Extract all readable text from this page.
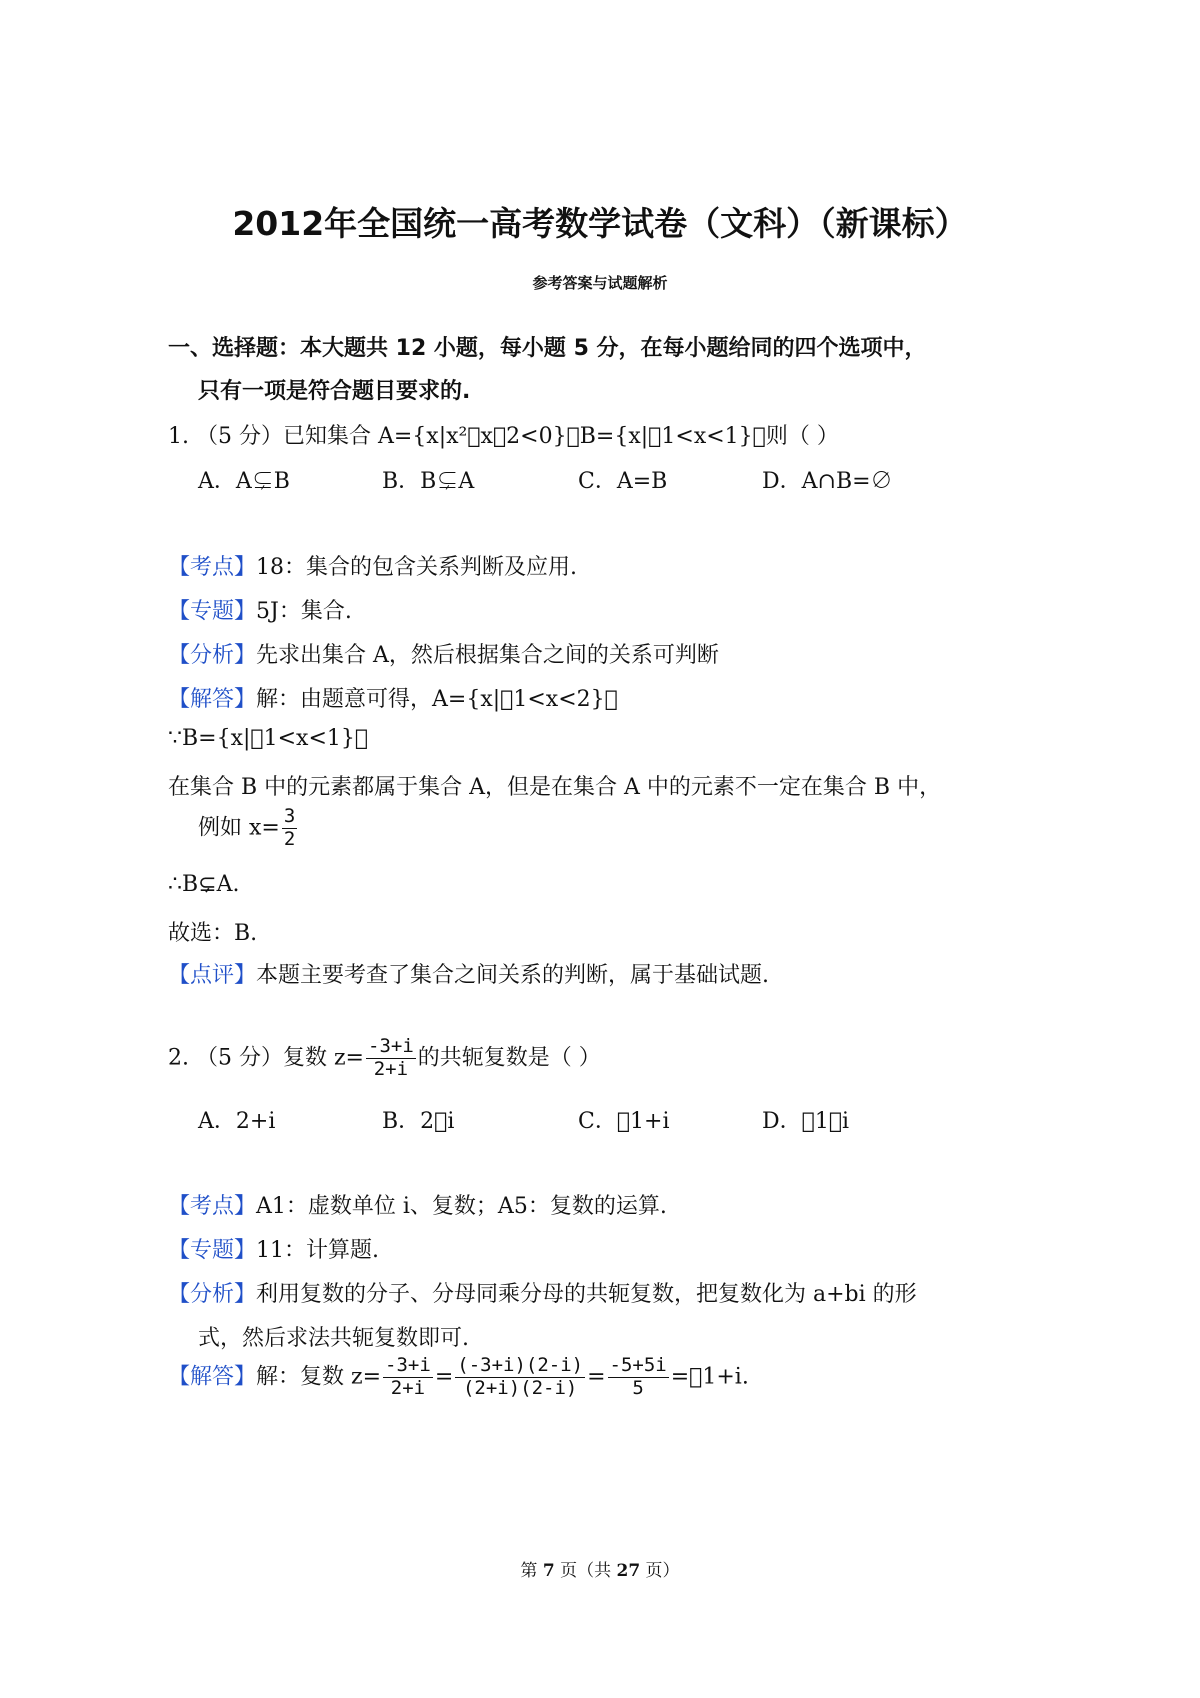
2012年全国统一高考数学试卷（文科）（新课标）
参考答案与试题解析
一、选择题：本大题共 12 小题，每小题 5 分，在每小题给同的四个选项中，
只有一项是符合题目要求的.
1. （5 分）已知集合 A={x|x² x 2<0}，B={x| 1<x<1}，则（ ）
A．A⊊B	B．B⊊A	C．A=B	D．A∩B=∅
【考点】18：集合的包含关系判断及应用.
【专题】5J：集合.
【分析】先求出集合 A，然后根据集合之间的关系可判断
【解答】解：由题意可得，A={x| 1<x<2}，
∵B={x| 1<x<1}，
在集合 B 中的元素都属于集合 A，但是在集合 A 中的元素不一定在集合 B 中，
例如 $x= \frac{3}{2}$
∴B⊊A.
故选：B.
【点评】本题主要考查了集合之间关系的判断，属于基础试题.
2. （5 分）复数 $z= \frac{-3+i}{2+i}$ 的共轭复数是（ ）
A．2+i	B．2 i	C． 1+i	D． 1 i
【考点】A1：虚数单位 i、复数；A5：复数的运算.
【专题】11：计算题.
【分析】利用复数的分子、分母同乘分母的共轭复数，把复数化为 a+bi 的形
式，然后求法共轭复数即可.
【解答】解：复数 $z= \frac{-3+i}{2+i} = \frac{(-3+i)(2-i)}{(2+i)(2-i)} = \frac{-5+5i}{5}$ = 1+i.
第 7 页（共 27 页）
